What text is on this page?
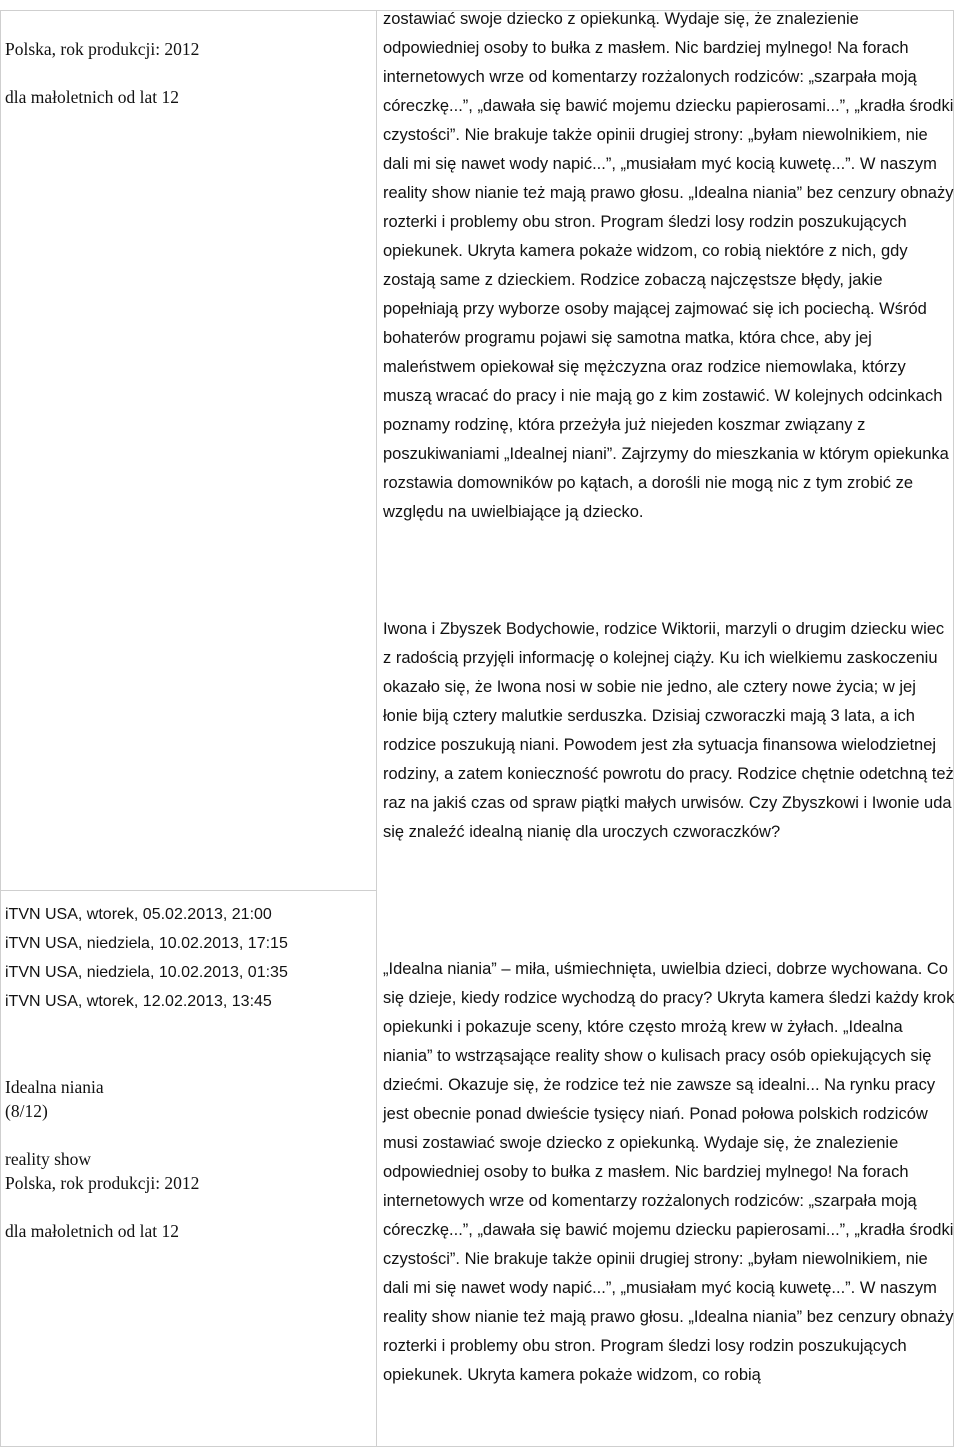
Polska, rok produkcji: 2012
dla małoletnich od lat 12
iTVN USA, wtorek, 05.02.2013, 21:00
iTVN USA, niedziela, 10.02.2013, 17:15
iTVN USA, niedziela, 10.02.2013, 01:35
iTVN USA, wtorek, 12.02.2013, 13:45
Idealna niania
(8/12)
reality show
Polska, rok produkcji: 2012
dla małoletnich od lat 12

zostawiać swoje dziecko z opiekunką. Wydaje się, że znalezienie odpowiedniej osoby to bułka z masłem. Nic bardziej mylnego! Na forach internetowych wrze od komentarzy rozżalonych rodziców: „szarpała moją córeczkę...”, „dawała się bawić mojemu dziecku papierosami...”, „kradła środki czystości”. Nie brakuje także opinii drugiej strony: „byłam niewolnikiem, nie dali mi się nawet wody napić...”, „musiałam myć kocią kuwetę...”. W naszym reality show nianie też mają prawo głosu. „Idealna niania” bez cenzury obnaży rozterki i problemy obu stron. Program śledzi losy rodzin poszukujących opiekunek. Ukryta kamera pokaże widzom, co robią niektóre z nich, gdy zostają same z dzieckiem. Rodzice zobaczą najczęstsze błędy, jakie popełniają przy wyborze osoby mającej zajmować się ich pociechą. Wśród bohaterów programu pojawi się samotna matka, która chce, aby jej maleństwem opiekował się mężczyzna oraz rodzice niemowlaka, którzy muszą wracać do pracy i nie mają go z kim zostawić. W kolejnych odcinkach poznamy rodzinę, która przeżyła już niejeden koszmar związany z poszukiwaniami „Idealnej niani”. Zajrzymy do mieszkania w którym opiekunka rozstawia domowników po kątach, a dorośli nie mogą nic z tym zrobić ze względu na uwielbiające ją dziecko.

Iwona i Zbyszek Bodychowie, rodzice Wiktorii, marzyli o drugim dziecku wiec z radością przyjęli informację o kolejnej ciąży. Ku ich wielkiemu zaskoczeniu okazało się, że Iwona nosi w sobie nie jedno, ale cztery nowe życia; w jej łonie biją cztery malutkie serduszka. Dzisiaj czworaczki mają 3 lata, a ich rodzice poszukują niani. Powodem jest zła sytuacja finansowa wielodzietnej rodziny, a zatem konieczność powrotu do pracy. Rodzice chętnie odetchną też raz na jakiś czas od spraw piątki małych urwisów. Czy Zbyszkowi i Iwonie uda się znaleźć idealną nianię dla uroczych czworaczków?

„Idealna niania” – miła, uśmiechnięta, uwielbia dzieci, dobrze wychowana. Co się dzieje, kiedy rodzice wychodzą do pracy? Ukryta kamera śledzi każdy krok opiekunki i pokazuje sceny, które często mrożą krew w żyłach. „Idealna niania” to wstrząsające reality show o kulisach pracy osób opiekujących się dziećmi. Okazuje się, że rodzice też nie zawsze są idealni... Na rynku pracy jest obecnie ponad dwieście tysięcy niań. Ponad połowa polskich rodziców musi zostawiać swoje dziecko z opiekunką. Wydaje się, że znalezienie odpowiedniej osoby to bułka z masłem. Nic bardziej mylnego! Na forach internetowych wrze od komentarzy rozżalonych rodziców: „szarpała moją córeczkę...”, „dawała się bawić mojemu dziecku papierosami...”, „kradła środki czystości”. Nie brakuje także opinii drugiej strony: „byłam niewolnikiem, nie dali mi się nawet wody napić...”, „musiałam myć kocią kuwetę...”. W naszym reality show nianie też mają prawo głosu. „Idealna niania” bez cenzury obnaży rozterki i problemy obu stron. Program śledzi losy rodzin poszukujących opiekunek. Ukryta kamera pokaże widzom, co robią
